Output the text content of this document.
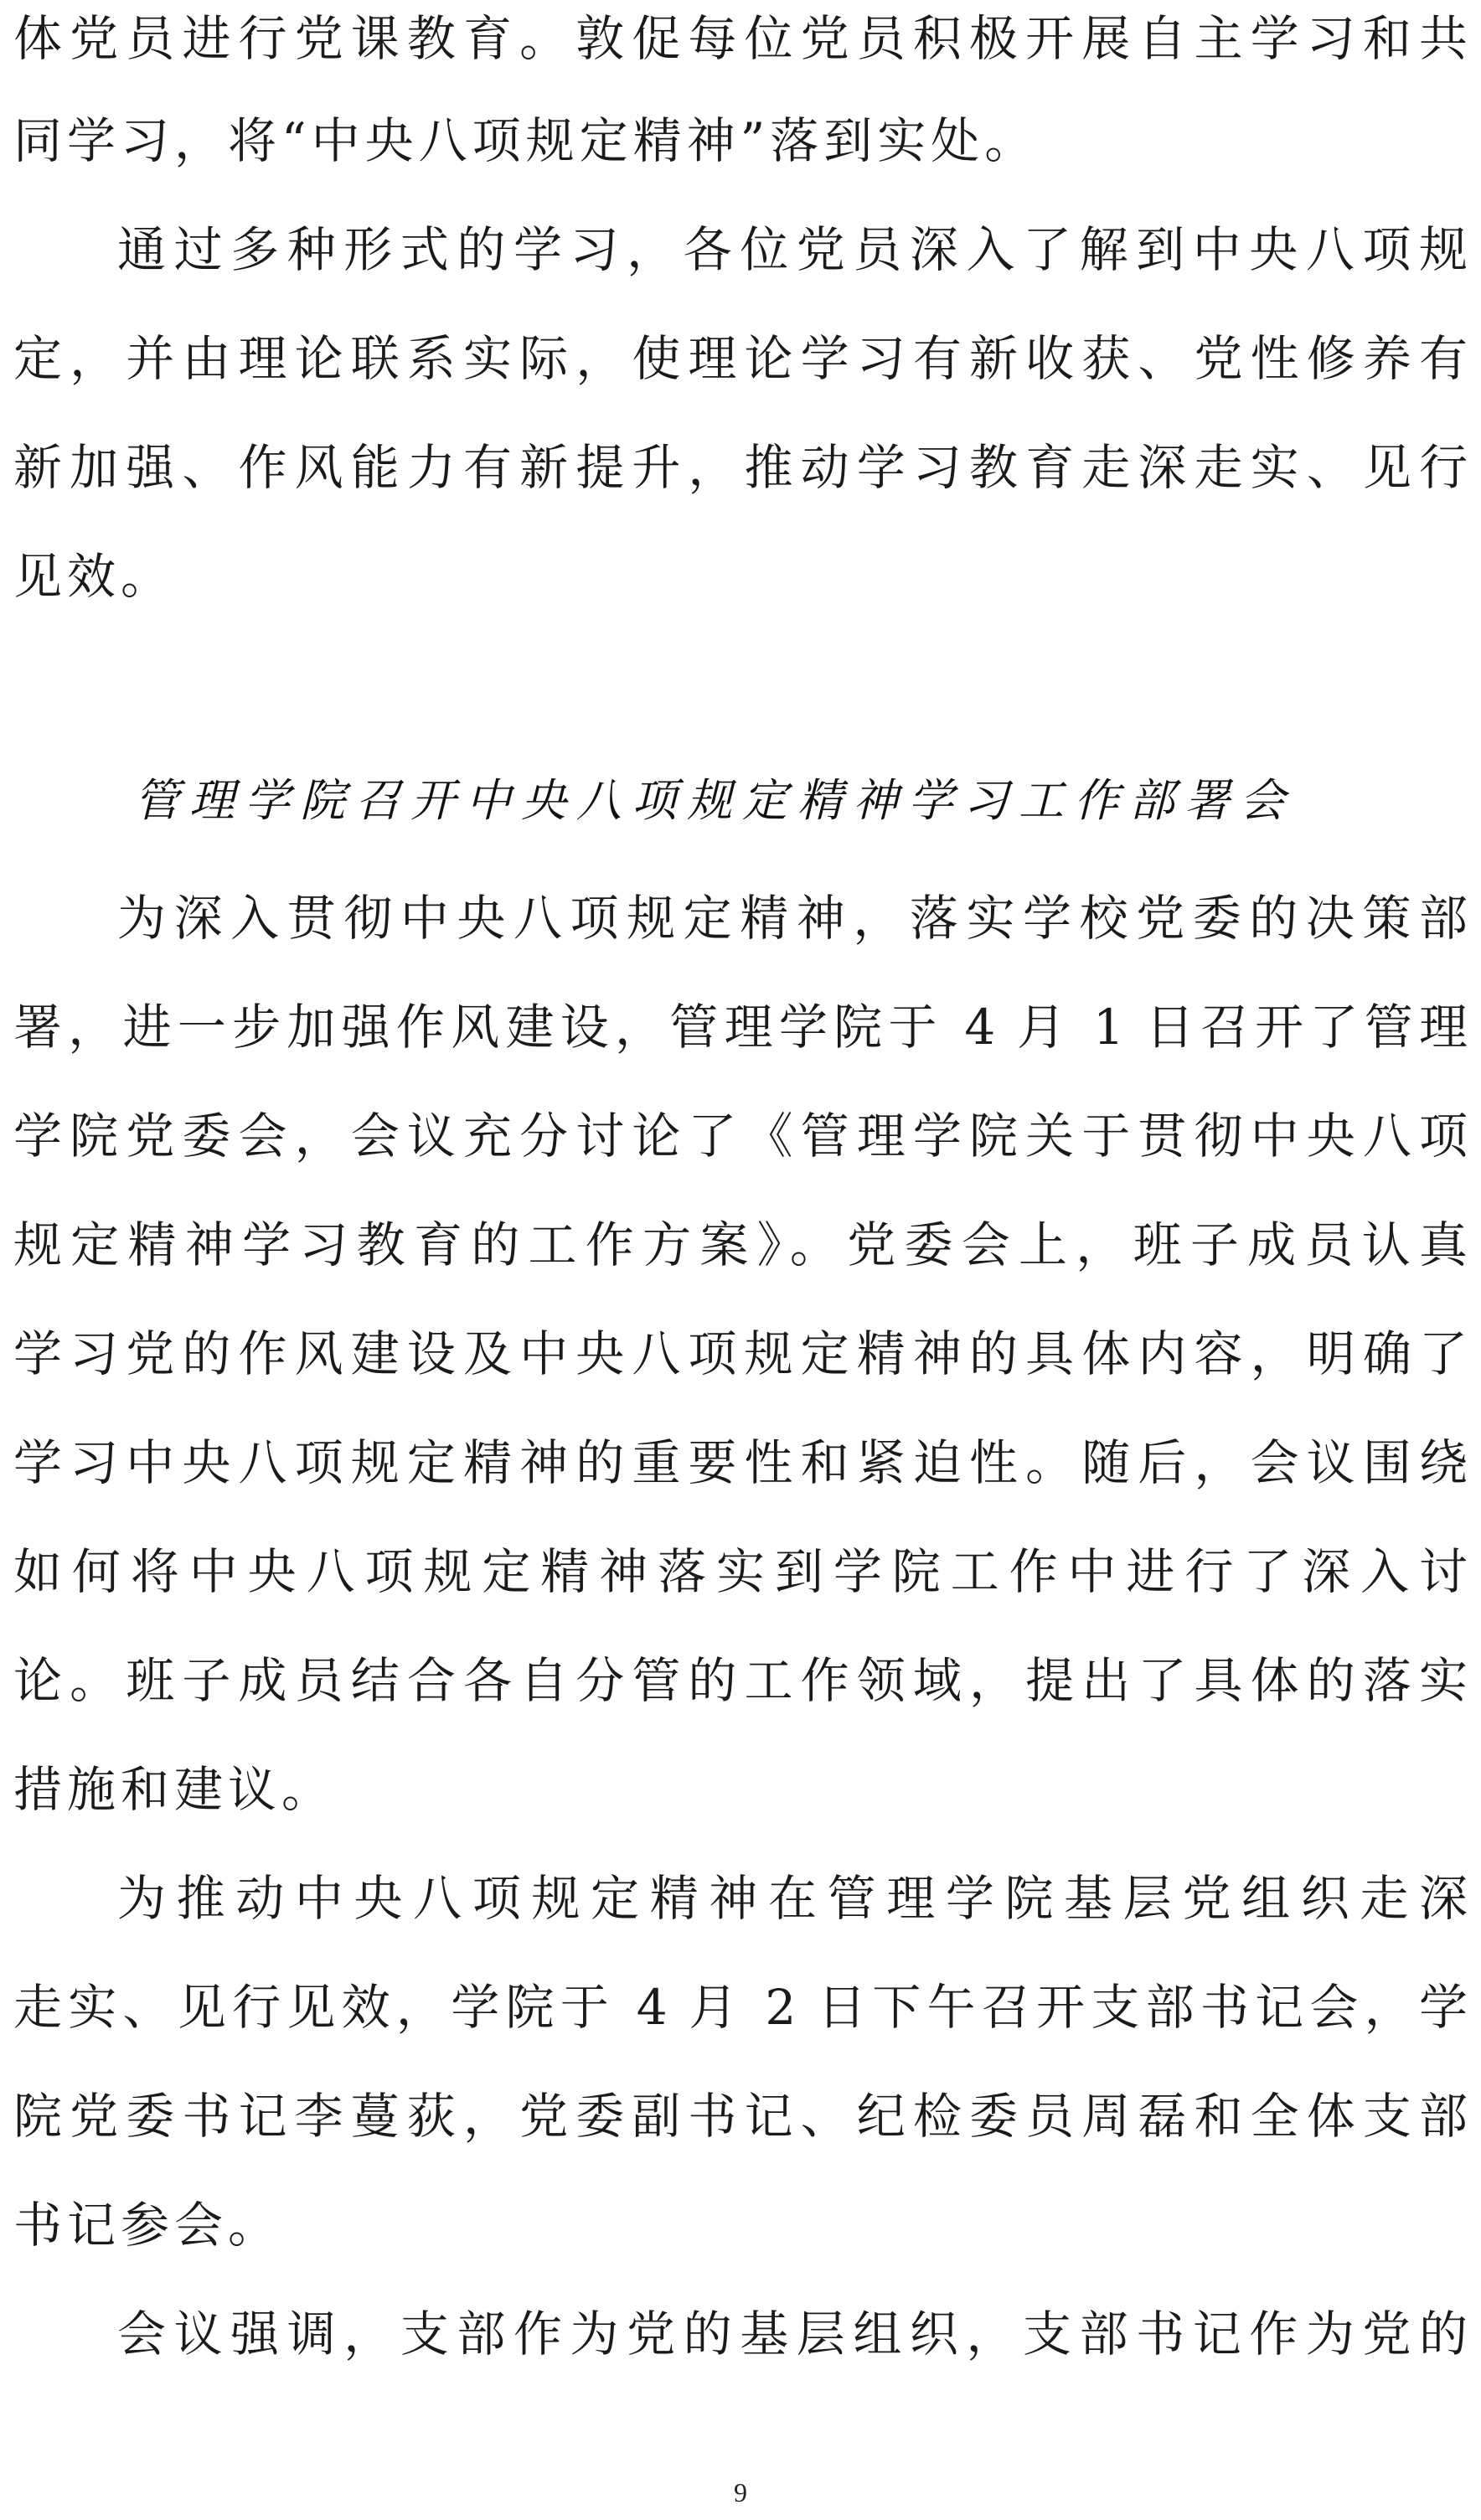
体党员进行党课教育。敦促每位党员积极开展自主学习和共
同学习，将“中央八项规定精神”落到实处。
通过多种形式的学习，各位党员深入了解到中央八项规
定，并由理论联系实际，使理论学习有新收获、党性修养有
新加强、作风能力有新提升，推动学习教育走深走实、见行
见效。
管理学院召开中央八项规定精神学习工作部署会
为深入贯彻中央八项规定精神，落实学校党委的决策部
署，进一步加强作风建设，管理学院于 4 月 1 日召开了管理
学院党委会，会议充分讨论了《管理学院关于贯彻中央八项
规定精神学习教育的工作方案》。党委会上，班子成员认真
学习党的作风建设及中央八项规定精神的具体内容，明确了
学习中央八项规定精神的重要性和紧迫性。随后，会议围绕
如何将中央八项规定精神落实到学院工作中进行了深入讨
论。班子成员结合各自分管的工作领域，提出了具体的落实
措施和建议。
为推动中央八项规定精神在管理学院基层党组织走深
走实、见行见效，学院于 4 月 2 日下午召开支部书记会，学
院党委书记李蔓荻，党委副书记、纪检委员周磊和全体支部
书记参会。
会议强调，支部作为党的基层组织，支部书记作为党的
9
